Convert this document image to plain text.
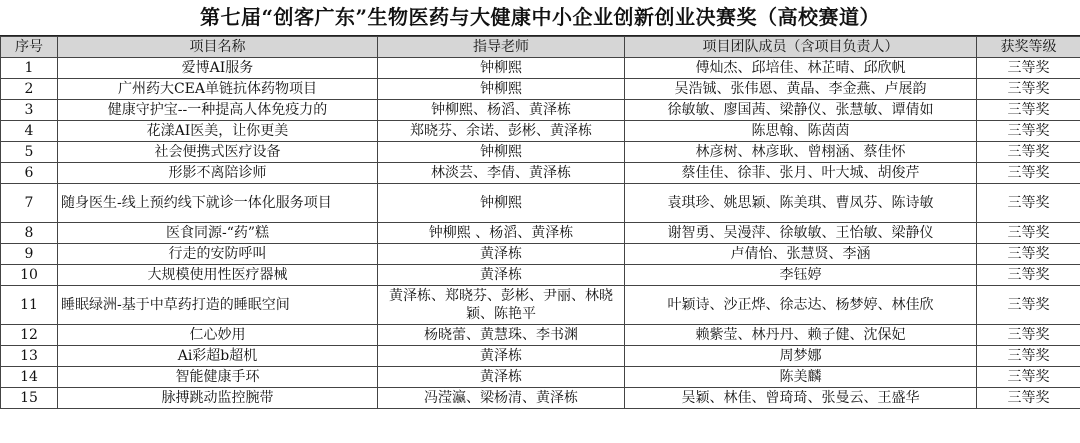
第七届“创客广东”生物医药与大健康中小企业创新创业决赛奖（高校赛道）
序号	项目名称	指导老师	项目团队成员（含项目负责人）	获奖等级
1	爱博AI服务	钟柳熙	傅灿杰、邱培佳、林芷晴、邱欣帆	三等奖
2	广州药大CEA单链抗体药物项目	钟柳熙	吴浩铖、张伟恩、黄晶、李金燕、卢展韵	三等奖
3	健康守护宝--一种提高人体免疫力的	钟柳熙、杨滔、黄泽栋	徐敏敏、廖国茜、梁静仪、张慧敏、谭倩如	三等奖
4	花漾AI医美，让你更美	郑晓芬、余诺、彭彬、黄泽栋	陈思翰、陈茵茵	三等奖
5	社会便携式医疗设备	钟柳熙	林彦树、林彦耿、曾栩涵、蔡佳怀	三等奖
6	形影不离陪诊师	林淡芸、李倩、黄泽栋	蔡佳佳、徐菲、张月、叶大城、胡俊芹	三等奖
7	随身医生-线上预约线下就诊一体化服务项目	钟柳熙	袁琪珍、姚思颖、陈美琪、曹凤芬、陈诗敏	三等奖
8	医食同源-“药”糕	钟柳熙 、杨滔、黄泽栋	谢智勇、吴漫萍、徐敏敏、王怡敏、梁静仪	三等奖
9	行走的安防呼叫	黄泽栋	卢倩怡、张慧贤、李涵	三等奖
10	大规模使用性医疗器械	黄泽栋	李钰婷	三等奖
11	睡眠绿洲-基于中草药打造的睡眠空间	黄泽栋、郑晓芬、彭彬、尹丽、林晓颖、陈艳平	叶颖诗、沙正烨、徐志达、杨梦婷、林佳欣	三等奖
12	仁心妙用	杨晓蕾、黄慧珠、李书渊	赖紫莹、林丹丹、赖子健、沈保妃	三等奖
13	Ai彩超b超机	黄泽栋	周梦娜	三等奖
14	智能健康手环	黄泽栋	陈美麟	三等奖
15	脉搏跳动监控腕带	冯滢瀛、梁杨清、黄泽栋	吴颖、林佳、曾琦琦、张曼云、王盛华	三等奖
